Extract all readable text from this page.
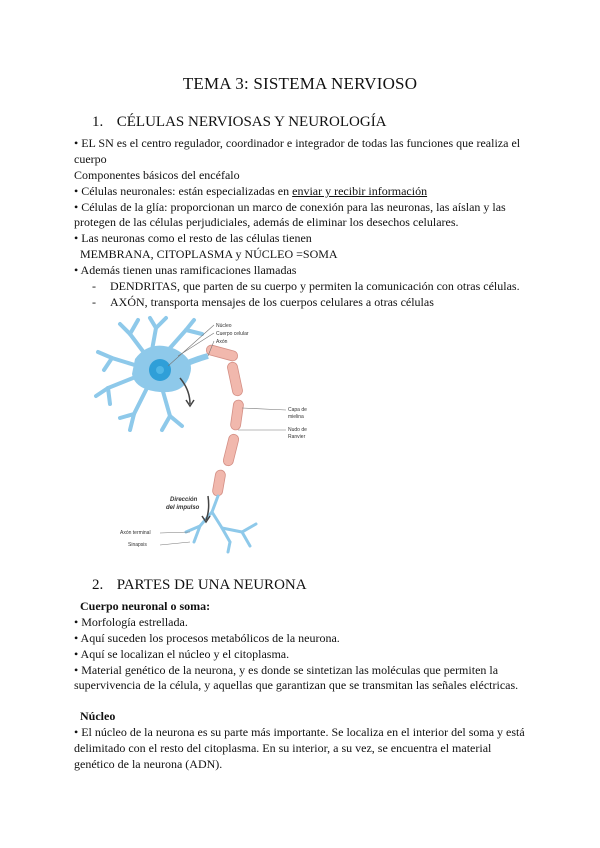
TEMA 3: SISTEMA NERVIOSO
1. CÉLULAS NERVIOSAS Y NEUROLOGÍA
• EL SN es el centro regulador, coordinador e integrador de todas las funciones que realiza el
cuerpo
Componentes básicos del encéfalo
• Células neuronales: están especializadas en enviar y recibir información
• Células de la glía: proporcionan un marco de conexión para las neuronas, las aíslan y las
protegen de las células perjudiciales, además de eliminar los desechos celulares.
• Las neuronas como el resto de las células tienen
MEMBRANA, CITOPLASMA y NÚCLEO =SOMA
• Además tienen unas ramificaciones llamadas
- DENDRITAS, que parten de su cuerpo y permiten la comunicación con otras células.
- AXÓN, transporta mensajes de los cuerpos celulares a otras células
Núcleo
Cuerpo celular
Axón
Capa de
mielina
Nudo de
Ranvier
Dirección
del impulso
Axón terminal
Sinapsis
2. PARTES DE UNA NEURONA
Cuerpo neuronal o soma:
• Morfología estrellada.
• Aquí suceden los procesos metabólicos de la neurona.
• Aquí se localizan el núcleo y el citoplasma.
• Material genético de la neurona, y es donde se sintetizan las moléculas que permiten la
supervivencia de la célula, y aquellas que garantizan que se transmitan las señales eléctricas.
Núcleo
• El núcleo de la neurona es su parte más importante. Se localiza en el interior del soma y está
delimitado con el resto del citoplasma. En su interior, a su vez, se encuentra el material
genético de la neurona (ADN).
